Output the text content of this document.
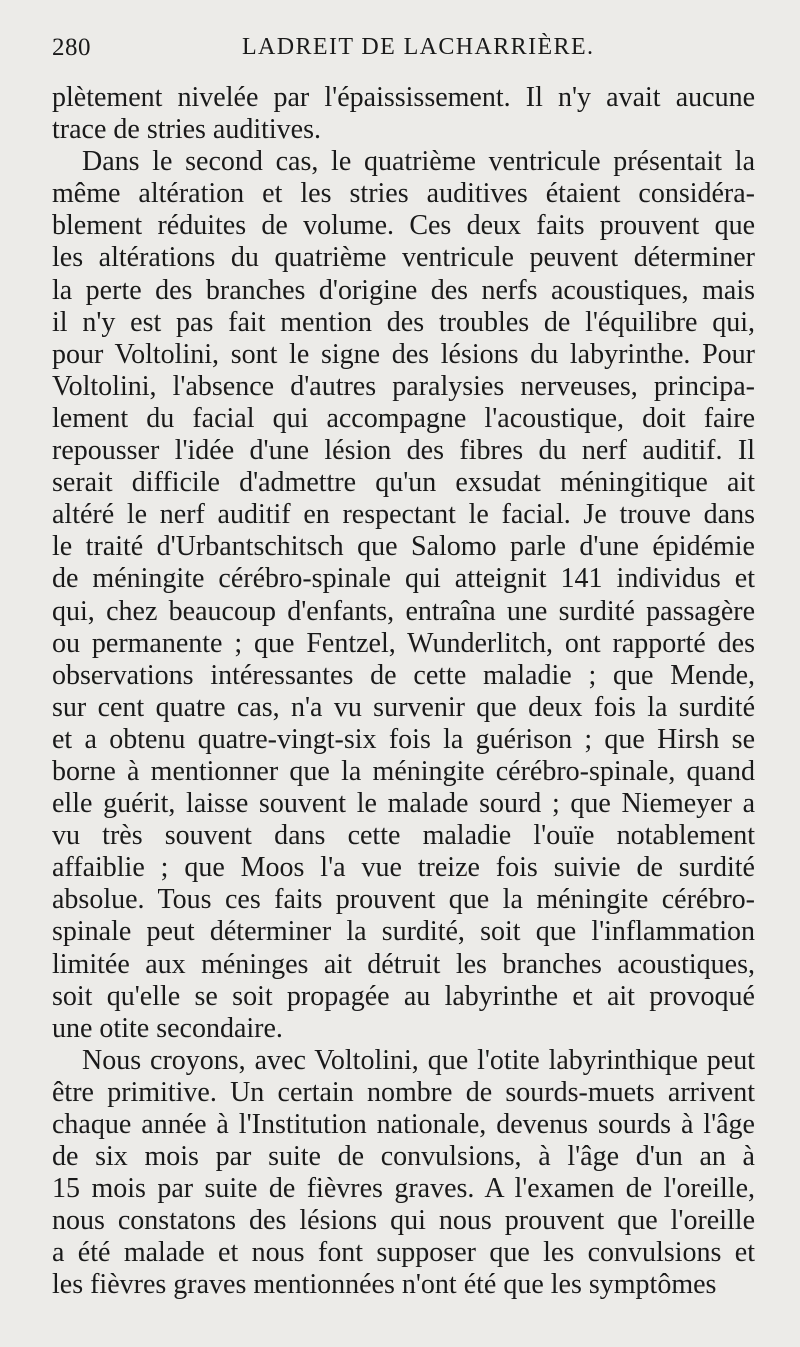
280	LADREIT DE LACHARRIÈRE.
plètement nivelée par l'épaississement. Il n'y avait aucune
trace de stries auditives.
Dans le second cas, le quatrième ventricule présentait la
même altération et les stries auditives étaient considéra-
blement réduites de volume. Ces deux faits prouvent que
les altérations du quatrième ventricule peuvent déterminer
la perte des branches d'origine des nerfs acoustiques, mais
il n'y est pas fait mention des troubles de l'équilibre qui,
pour Voltolini, sont le signe des lésions du labyrinthe. Pour
Voltolini, l'absence d'autres paralysies nerveuses, principa-
lement du facial qui accompagne l'acoustique, doit faire
repousser l'idée d'une lésion des fibres du nerf auditif. Il
serait difficile d'admettre qu'un exsudat méningitique ait
altéré le nerf auditif en respectant le facial. Je trouve dans
le traité d'Urbantschitsch que Salomo parle d'une épidémie
de méningite cérébro-spinale qui atteignit 141 individus et
qui, chez beaucoup d'enfants, entraîna une surdité passagère
ou permanente ; que Fentzel, Wunderlitch, ont rapporté des
observations intéressantes de cette maladie ; que Mende,
sur cent quatre cas, n'a vu survenir que deux fois la surdité
et a obtenu quatre-vingt-six fois la guérison ; que Hirsh se
borne à mentionner que la méningite cérébro-spinale, quand
elle guérit, laisse souvent le malade sourd ; que Niemeyer a
vu très souvent dans cette maladie l'ouïe notablement
affaiblie ; que Moos l'a vue treize fois suivie de surdité
absolue. Tous ces faits prouvent que la méningite cérébro-
spinale peut déterminer la surdité, soit que l'inflammation
limitée aux méninges ait détruit les branches acoustiques,
soit qu'elle se soit propagée au labyrinthe et ait provoqué
une otite secondaire.
Nous croyons, avec Voltolini, que l'otite labyrinthique peut
être primitive. Un certain nombre de sourds-muets arrivent
chaque année à l'Institution nationale, devenus sourds à l'âge
de six mois par suite de convulsions, à l'âge d'un an à
15 mois par suite de fièvres graves. A l'examen de l'oreille,
nous constatons des lésions qui nous prouvent que l'oreille
a été malade et nous font supposer que les convulsions et
les fièvres graves mentionnées n'ont été que les symptômes
